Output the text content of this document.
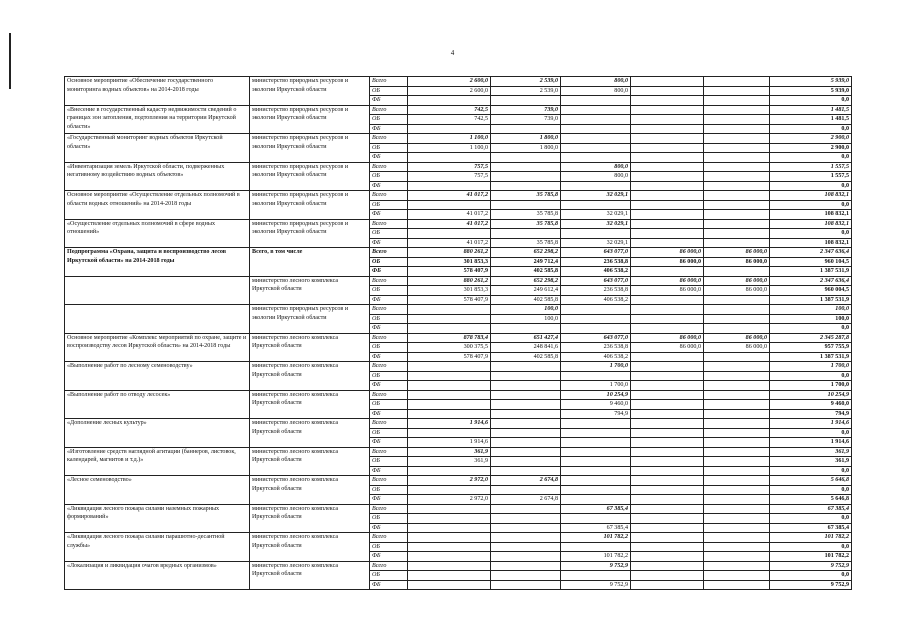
4
Основное мероприятие «Обеспечение государственного мониторинга водных объектов» на 2014-2018 годы	министерство природных ресурсов и экологии Иркутской области	Всего	2 600,0	2 539,0	800,0			5 939,0
		ОБ	2 600,0	2 539,0	800,0			5 939,0
		ФБ						0,0
«Внесение в государственный кадастр недвижимости сведений о границах зон затопления, подтопления на территории Иркутской области»	министерство природных ресурсов и экологии Иркутской области	Всего	742,5	739,0				1 481,5
		ОБ	742,5	739,0				1 481,5
		ФБ						0,0
«Государственный мониторинг водных объектов Иркутской области»	министерство природных ресурсов и экологии Иркутской области	Всего	1 100,0	1 800,0				2 900,0
		ОБ	1 100,0	1 800,0				2 900,0
		ФБ						0,0
«Инвентаризация земель Иркутской области, подверженных негативному воздействию водных объектов»	министерство природных ресурсов и экологии Иркутской области	Всего	757,5		800,0			1 557,5
		ОБ	757,5		800,0			1 557,5
		ФБ						0,0
Основное мероприятие «Осуществление отдельных полномочий в области водных отношений» на 2014-2018 годы	министерство природных ресурсов и экологии Иркутской области	Всего	41 017,2	35 785,8	32 029,1			108 832,1
		ОБ						0,0
		ФБ	41 017,2	35 785,8	32 029,1			108 832,1
«Осуществление отдельных полномочий в сфере водных отношений»	министерство природных ресурсов и экологии Иркутской области	Всего	41 017,2	35 785,8	32 029,1			108 832,1
		ОБ						0,0
		ФБ	41 017,2	35 785,8	32 029,1			108 832,1
Подпрограмма «Охрана, защита и воспроизводство лесов Иркутской области» на 2014-2018 годы	Всего, в том числе	Всего	880 261,2	652 298,2	643 077,0	86 000,0	86 000,0	2 347 636,4
		ОБ	301 853,3	249 712,4	236 538,8	86 000,0	86 000,0	960 104,5
		ФБ	578 407,9	402 585,8	406 538,2			1 387 531,9
	министерство лесного комплекса Иркутской области	Всего	880 261,2	652 298,2	643 077,0	86 000,0	86 000,0	2 347 636,4
		ОБ	301 853,3	249 612,4	236 538,8	86 000,0	86 000,0	960 004,5
		ФБ	578 407,9	402 585,8	406 538,2			1 387 531,9
	министерство природных ресурсов и экологии Иркутской области	Всего		100,0				100,0
		ОБ		100,0				100,0
		ФБ						0,0
Основное мероприятие «Комплекс мероприятий по охране, защите и воспроизводству лесов Иркутской области» на 2014-2018 годы	министерство лесного комплекса Иркутской области	Всего	878 783,4	651 427,4	643 077,0	86 000,0	86 000,0	2 345 287,8
		ОБ	300 375,5	248 841,6	236 538,8	86 000,0	86 000,0	957 755,9
		ФБ	578 407,9	402 585,8	406 538,2			1 387 531,9
«Выполнение работ по лесному семеноводству»	министерство лесного комплекса Иркутской области	Всего			1 700,0			1 700,0
		ОБ						0,0
		ФБ			1 700,0			1 700,0
«Выполнение работ по отводу лесосек»	министерство лесного комплекса Иркутской области	Всего			10 254,9			10 254,9
		ОБ			9 460,0			9 460,0
		ФБ			794,9			794,9
«Дополнение лесных культур»	министерство лесного комплекса Иркутской области	Всего	1 914,6					1 914,6
		ОБ						0,0
		ФБ	1 914,6					1 914,6
«Изготовление средств наглядной агитации (баннеров, листовок, календарей, магнитов и т.д.)»	министерство лесного комплекса Иркутской области	Всего	361,9					361,9
		ОБ	361,9					361,9
		ФБ						0,0
«Лесное семеноводство»	министерство лесного комплекса Иркутской области	Всего	2 972,0	2 674,8				5 646,8
		ОБ						0,0
		ФБ	2 972,0	2 674,8				5 646,8
«Ликвидация лесного пожара силами наземных пожарных формирований»	министерство лесного комплекса Иркутской области	Всего			67 385,4			67 385,4
		ОБ						0,0
		ФБ			67 385,4			67 385,4
«Ликвидация лесного пожара силами парашютно-десантной службы»	министерство лесного комплекса Иркутской области	Всего			101 782,2			101 782,2
		ОБ						0,0
		ФБ			101 782,2			101 782,2
«Локализация и ликвидация очагов вредных организмов»	министерство лесного комплекса Иркутской области	Всего			9 752,9			9 752,9
		ОБ						0,0
		ФБ			9 752,9			9 752,9
